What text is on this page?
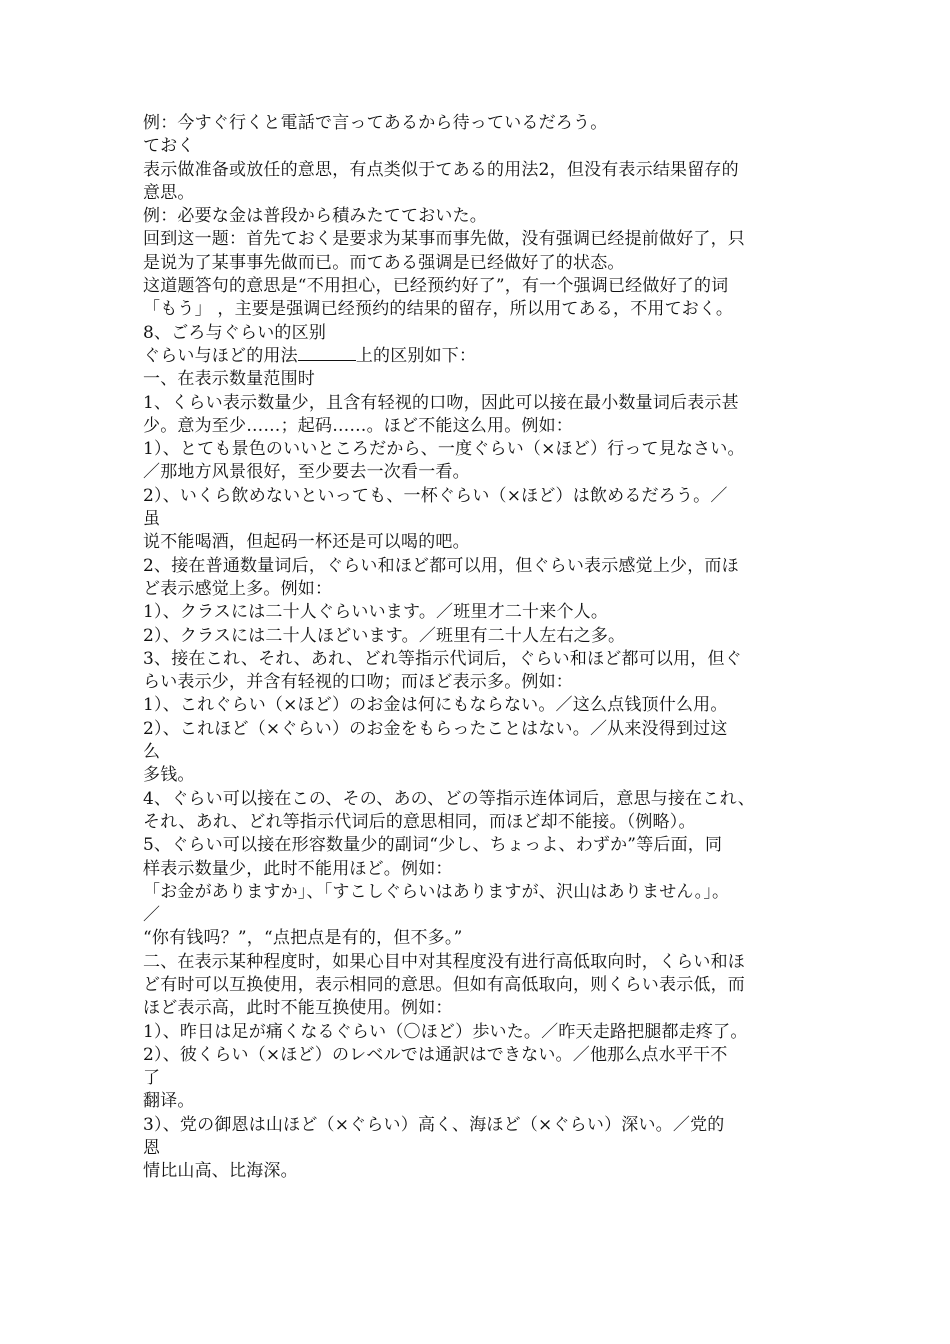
例：今すぐ行くと電話で言ってあるから待っているだろう。
ておく
表示做准备或放任的意思，有点类似于てある的用法2，但没有表示结果留存的
意思。
例：必要な金は普段から積みたてておいた。
回到这一题：首先ておく是要求为某事而事先做，没有强调已经提前做好了，只
是说为了某事事先做而已。而てある强调是已经做好了的状态。
这道题答句的意思是“不用担心，已经预约好了”，有一个强调已经做好了的词
「もう」 ，主要是强调已经预约的结果的留存，所以用てある，不用ておく。
8、ごろ与ぐらい的区别
ぐらい与ほど的用法	上的区别如下：
一、在表示数量范围时
1、くらい表示数量少，且含有轻视的口吻，因此可以接在最小数量词后表示甚
少。意为至少……；起码……。ほど不能这么用。例如：
1）、とても景色のいいところだから、一度ぐらい（×ほど）行って見なさい。
／那地方风景很好，至少要去一次看一看。
2）、いくら飲めないといっても、一杯ぐらい（×ほど）は飲めるだろう。／
虽
说不能喝酒，但起码一杯还是可以喝的吧。
2、接在普通数量词后，ぐらい和ほど都可以用，但ぐらい表示感觉上少，而ほ
ど表示感觉上多。例如：
1）、クラスには二十人ぐらいいます。／班里才二十来个人。
2）、クラスには二十人ほどいます。／班里有二十人左右之多。
3、接在これ、それ、あれ、どれ等指示代词后，ぐらい和ほど都可以用，但ぐ
らい表示少，并含有轻视的口吻；而ほど表示多。例如：
1）、これぐらい（×ほど）のお金は何にもならない。／这么点钱顶什么用。
2）、これほど（×ぐらい）のお金をもらったことはない。／从来没得到过这
么
多钱。
4、ぐらい可以接在この、その、あの、どの等指示连体词后，意思与接在これ、
それ、あれ、どれ等指示代词后的意思相同，而ほど却不能接。（例略）。
5、ぐらい可以接在形容数量少的副词“少し、ちょっよ、わずか”等后面，同
样表示数量少，此时不能用ほど。例如：
「お金がありますか」、「すこしぐらいはありますが、沢山はありません。」。
／
“你有钱吗？”，“点把点是有的，但不多。”
二、在表示某种程度时，如果心目中对其程度没有进行高低取向时，くらい和ほ
ど有时可以互换使用，表示相同的意思。但如有高低取向，则くらい表示低，而
ほど表示高，此时不能互换使用。例如：
1）、昨日は足が痛くなるぐらい（〇ほど）歩いた。／昨天走路把腿都走疼了。
2）、彼くらい（×ほど）のレベルでは通訳はできない。／他那么点水平干不
了
翻译。
3）、党の御恩は山ほど（×ぐらい）高く、海ほど（×ぐらい）深い。／党的
恩
情比山高、比海深。
